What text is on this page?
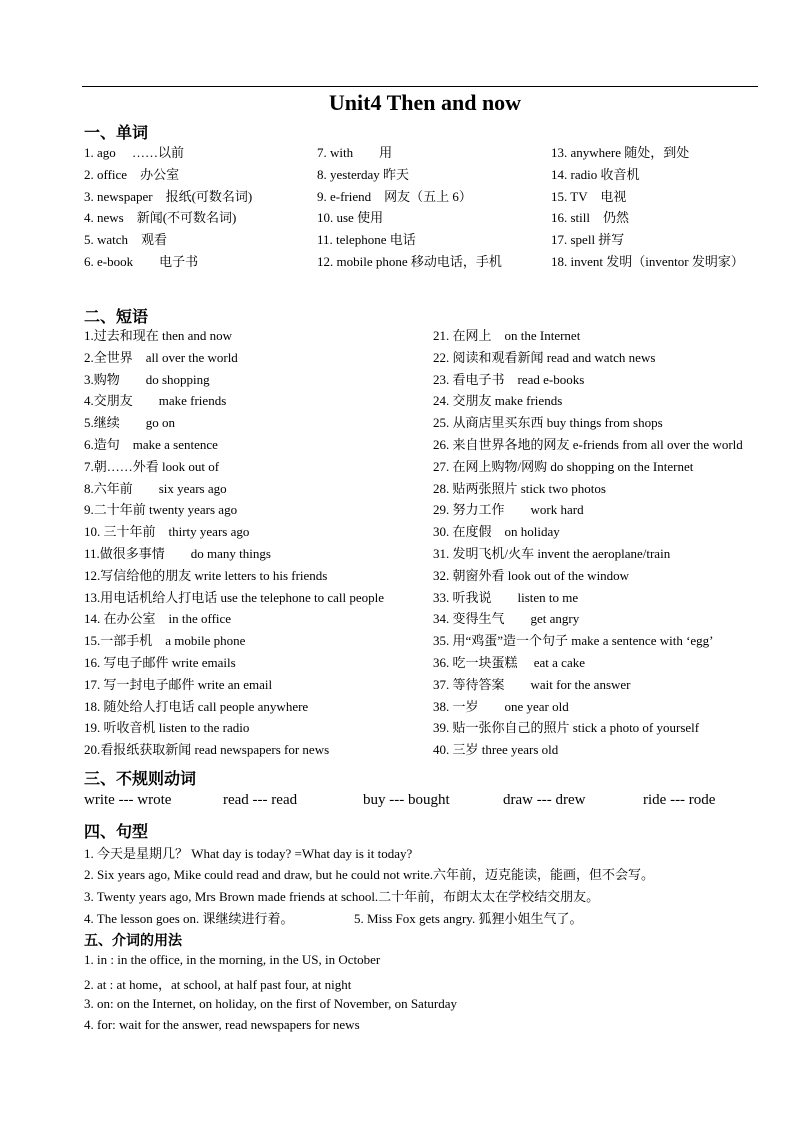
Unit4 Then and now
一、单词
1. ago　 ……以前
2. office　办公室
3. newspaper　报纸(可数名词)
4. news　新闻(不可数名词)
5. watch　观看
6. e-book　　电子书
7. with　　用
8. yesterday 昨天
9. e-friend　网友（五上 6）
10. use 使用
11. telephone 电话
12. mobile phone 移动电话，手机
13. anywhere 随处，到处
14. radio 收音机
15. TV　电视
16. still　仍然
17. spell 拼写
18. invent 发明（inventor 发明家）
二、短语
1.过去和现在 then and now
2.全世界　all over the world
3.购物　　do shopping
4.交朋友　　make friends
5.继续　　go on
6.造句　make a sentence
7.朝……外看 look out of
8.六年前　　six years ago
9.二十年前 twenty years ago
10. 三十年前　thirty years ago
11.做很多事情　　do many things
12.写信给他的朋友 write letters to his friends
13.用电话机给人打电话 use the telephone to call people
14. 在办公室　in the office
15.一部手机　a mobile phone
16. 写电子邮件 write emails
17. 写一封电子邮件 write an email
18. 随处给人打电话 call people anywhere
19. 听收音机 listen to the radio
20.看报纸获取新闻 read newspapers for news
21. 在网上　on the Internet
22. 阅读和观看新闻 read and watch news
23. 看电子书　read e-books
24. 交朋友 make friends
25. 从商店里买东西 buy things from shops
26. 来自世界各地的网友 e-friends from all over the world
27. 在网上购物/网购 do shopping on the Internet
28. 贴两张照片 stick two photos
29. 努力工作　　work hard
30. 在度假　on holiday
31. 发明飞机/火车 invent the aeroplane/train
32. 朝窗外看 look out of the window
33. 听我说　　listen to me
34. 变得生气　　get angry
35. 用“鸡蛋”造一个句子 make a sentence with ‘egg’
36. 吃一块蛋糕　 eat a cake
37. 等待答案　　wait for the answer
38. 一岁　　one year old
39. 贴一张你自己的照片 stick a photo of yourself
40. 三岁 three years old
三、不规则动词
write --- wrote	read --- read	buy --- bought	draw --- drew	ride --- rode
四、句型
1. 今天是星期几？ What day is today? =What day is it today?
2. Six years ago, Mike could read and draw, but he could not write.六年前，迈克能读，能画，但不会写。
3. Twenty years ago, Mrs Brown made friends at school.二十年前，布朗太太在学校结交朋友。
4. The lesson goes on. 课继续进行着。	5. Miss Fox gets angry. 狐狸小姐生气了。
五、介词的用法
1. in : in the office, in the morning, in the US, in October
2. at : at home，at school, at half past four, at night
3. on: on the Internet, on holiday, on the first of November, on Saturday
4. for: wait for the answer, read newspapers for news
